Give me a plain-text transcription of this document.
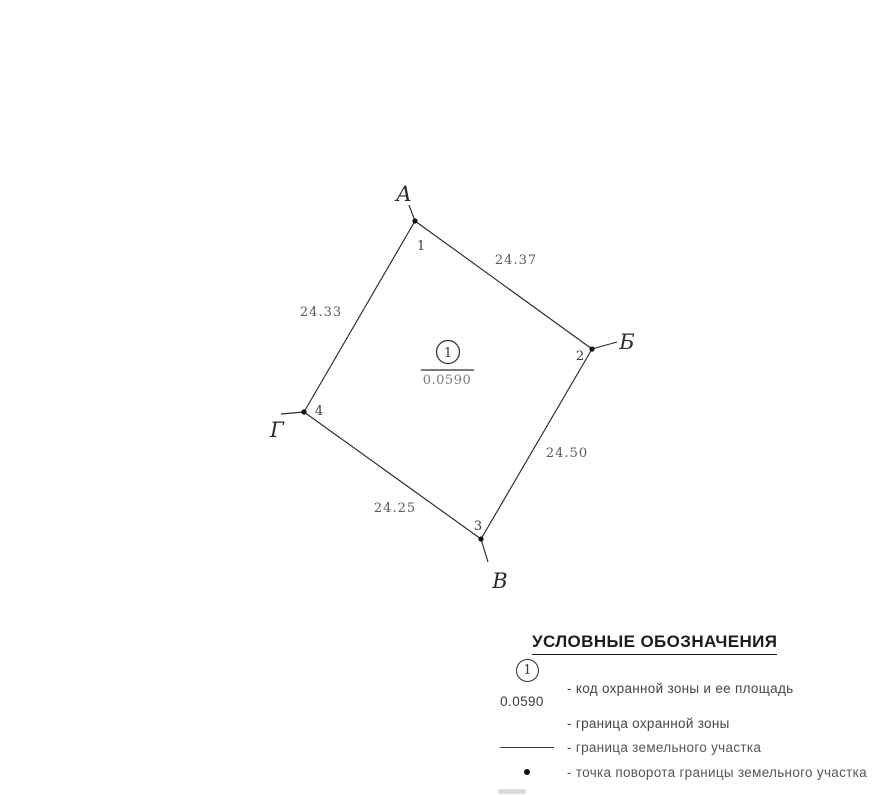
24.37
24.50
24.25
24.33
А
1
Б
2
В
3
Г
4
1
0.0590
УСЛОВНЫЕ ОБОЗНАЧЕНИЯ
1
0.0590
- код охранной зоны и ее площадь
- граница охранной зоны
- граница земельного участка
- точка поворота границы земельного участка
